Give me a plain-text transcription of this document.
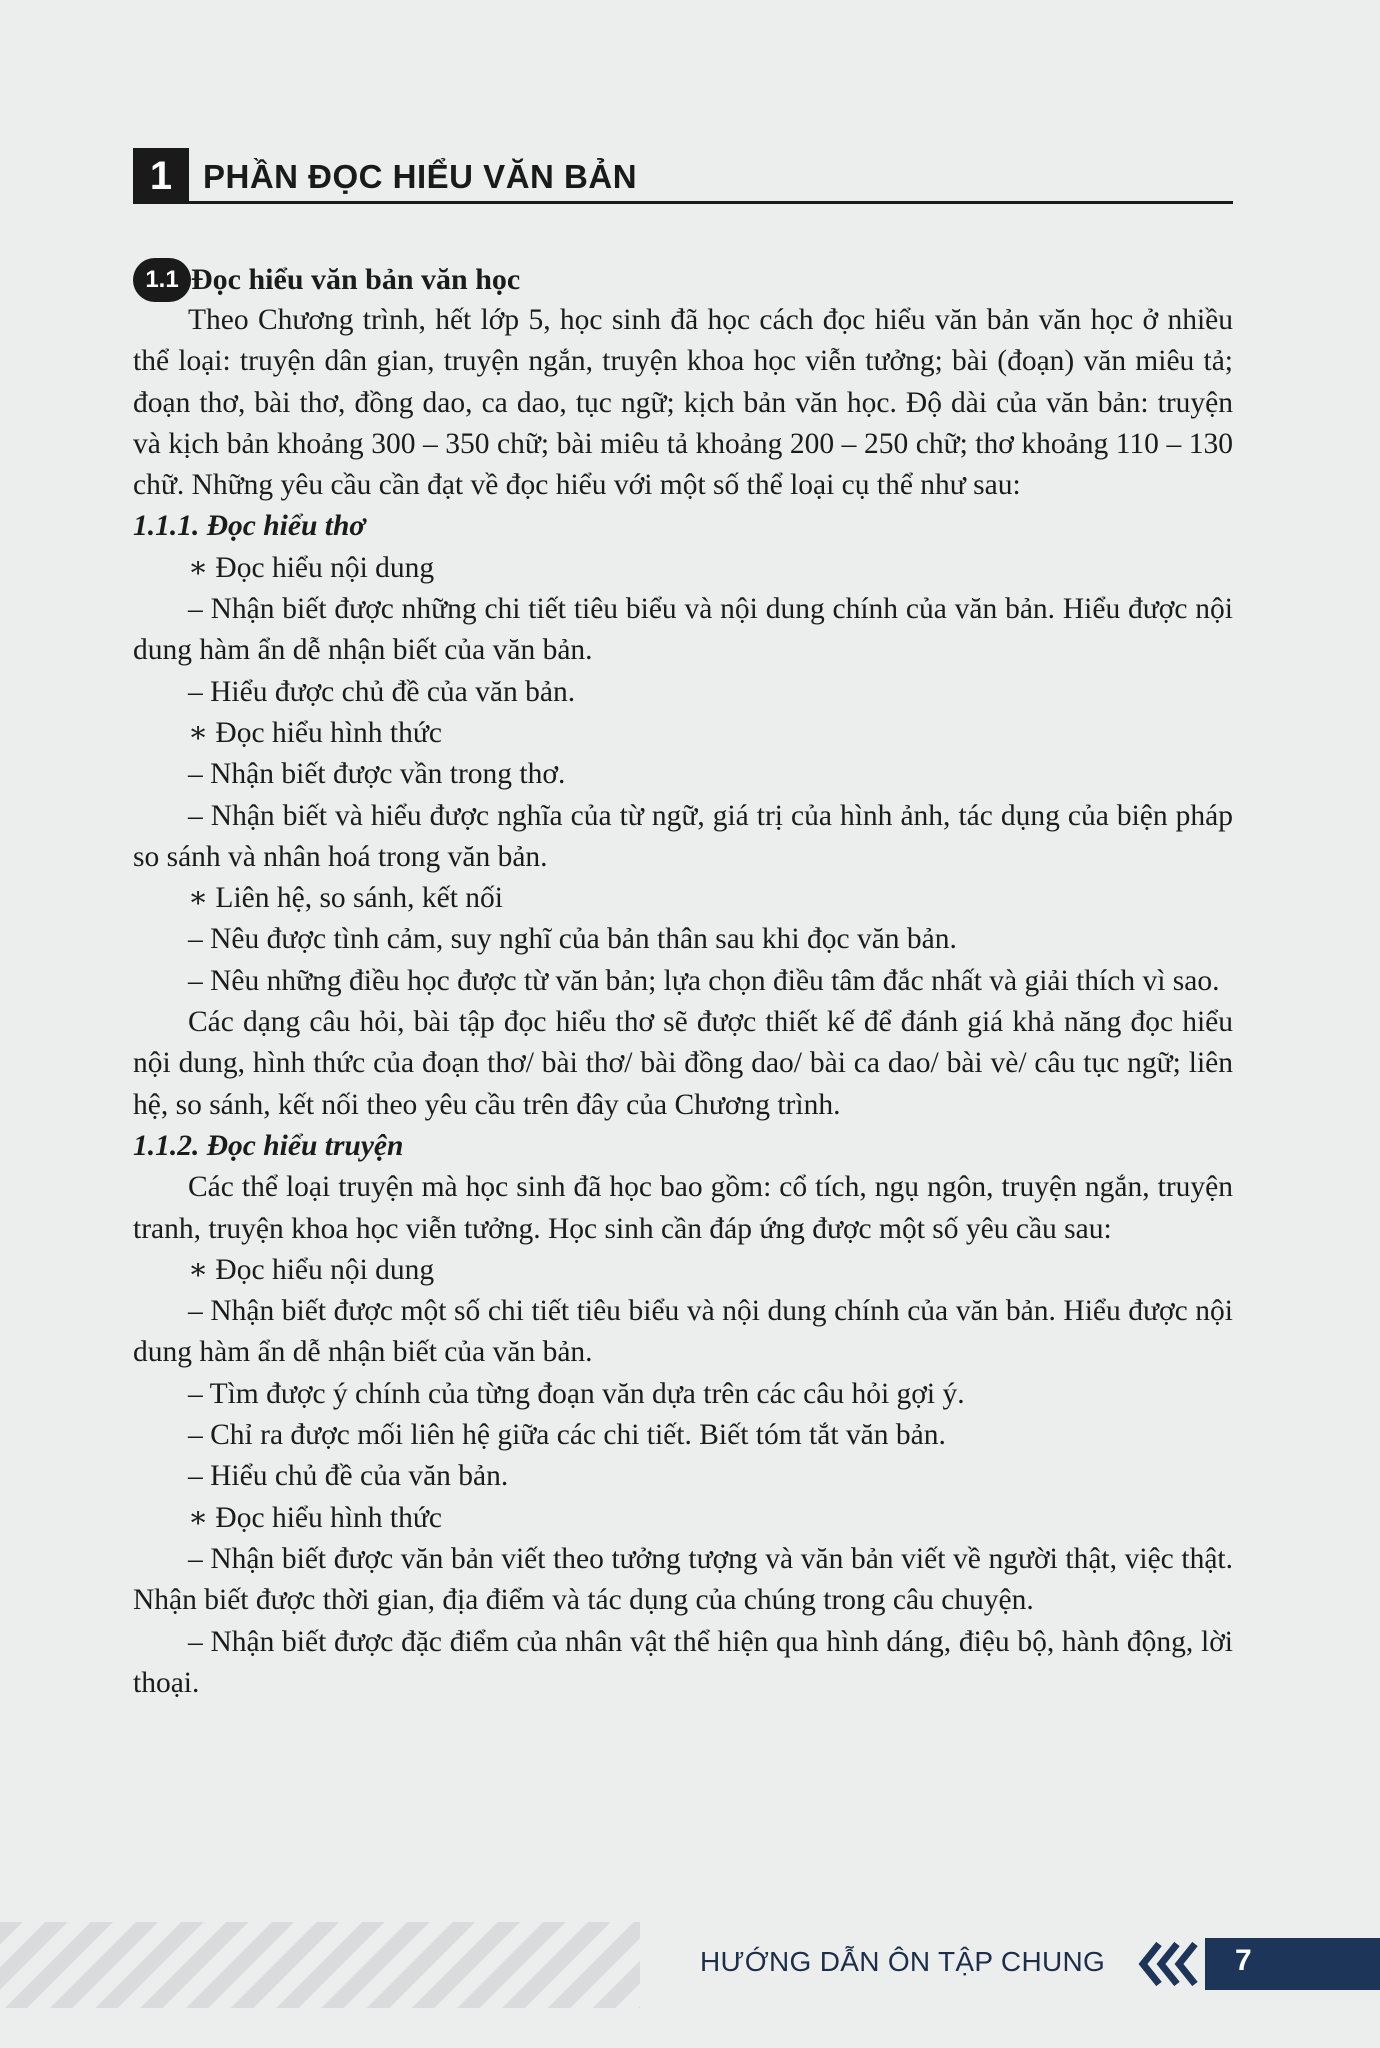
1 PHẦN ĐỌC HIỂU VĂN BẢN
1.1 Đọc hiểu văn bản văn học

Theo Chương trình, hết lớp 5, học sinh đã học cách đọc hiểu văn bản văn học ở nhiều thể loại: truyện dân gian, truyện ngắn, truyện khoa học viễn tưởng; bài (đoạn) văn miêu tả; đoạn thơ, bài thơ, đồng dao, ca dao, tục ngữ; kịch bản văn học. Độ dài của văn bản: truyện và kịch bản khoảng 300 – 350 chữ; bài miêu tả khoảng 200 – 250 chữ; thơ khoảng 110 – 130 chữ. Những yêu cầu cần đạt về đọc hiểu với một số thể loại cụ thể như sau:

1.1.1. Đọc hiểu thơ

∗ Đọc hiểu nội dung

– Nhận biết được những chi tiết tiêu biểu và nội dung chính của văn bản. Hiểu được nội dung hàm ẩn dễ nhận biết của văn bản.

– Hiểu được chủ đề của văn bản.

∗ Đọc hiểu hình thức

– Nhận biết được vần trong thơ.

– Nhận biết và hiểu được nghĩa của từ ngữ, giá trị của hình ảnh, tác dụng của biện pháp so sánh và nhân hoá trong văn bản.

∗ Liên hệ, so sánh, kết nối

– Nêu được tình cảm, suy nghĩ của bản thân sau khi đọc văn bản.

– Nêu những điều học được từ văn bản; lựa chọn điều tâm đắc nhất và giải thích vì sao.

Các dạng câu hỏi, bài tập đọc hiểu thơ sẽ được thiết kế để đánh giá khả năng đọc hiểu nội dung, hình thức của đoạn thơ/ bài thơ/ bài đồng dao/ bài ca dao/ bài vè/ câu tục ngữ; liên hệ, so sánh, kết nối theo yêu cầu trên đây của Chương trình.

1.1.2. Đọc hiểu truyện

Các thể loại truyện mà học sinh đã học bao gồm: cổ tích, ngụ ngôn, truyện ngắn, truyện tranh, truyện khoa học viễn tưởng. Học sinh cần đáp ứng được một số yêu cầu sau:

∗ Đọc hiểu nội dung

– Nhận biết được một số chi tiết tiêu biểu và nội dung chính của văn bản. Hiểu được nội dung hàm ẩn dễ nhận biết của văn bản.

– Tìm được ý chính của từng đoạn văn dựa trên các câu hỏi gợi ý.

– Chỉ ra được mối liên hệ giữa các chi tiết. Biết tóm tắt văn bản.

– Hiểu chủ đề của văn bản.

∗ Đọc hiểu hình thức

– Nhận biết được văn bản viết theo tưởng tượng và văn bản viết về người thật, việc thật. Nhận biết được thời gian, địa điểm và tác dụng của chúng trong câu chuyện.

– Nhận biết được đặc điểm của nhân vật thể hiện qua hình dáng, điệu bộ, hành động, lời thoại.

HƯỚNG DẪN ÔN TẬP CHUNG	7
